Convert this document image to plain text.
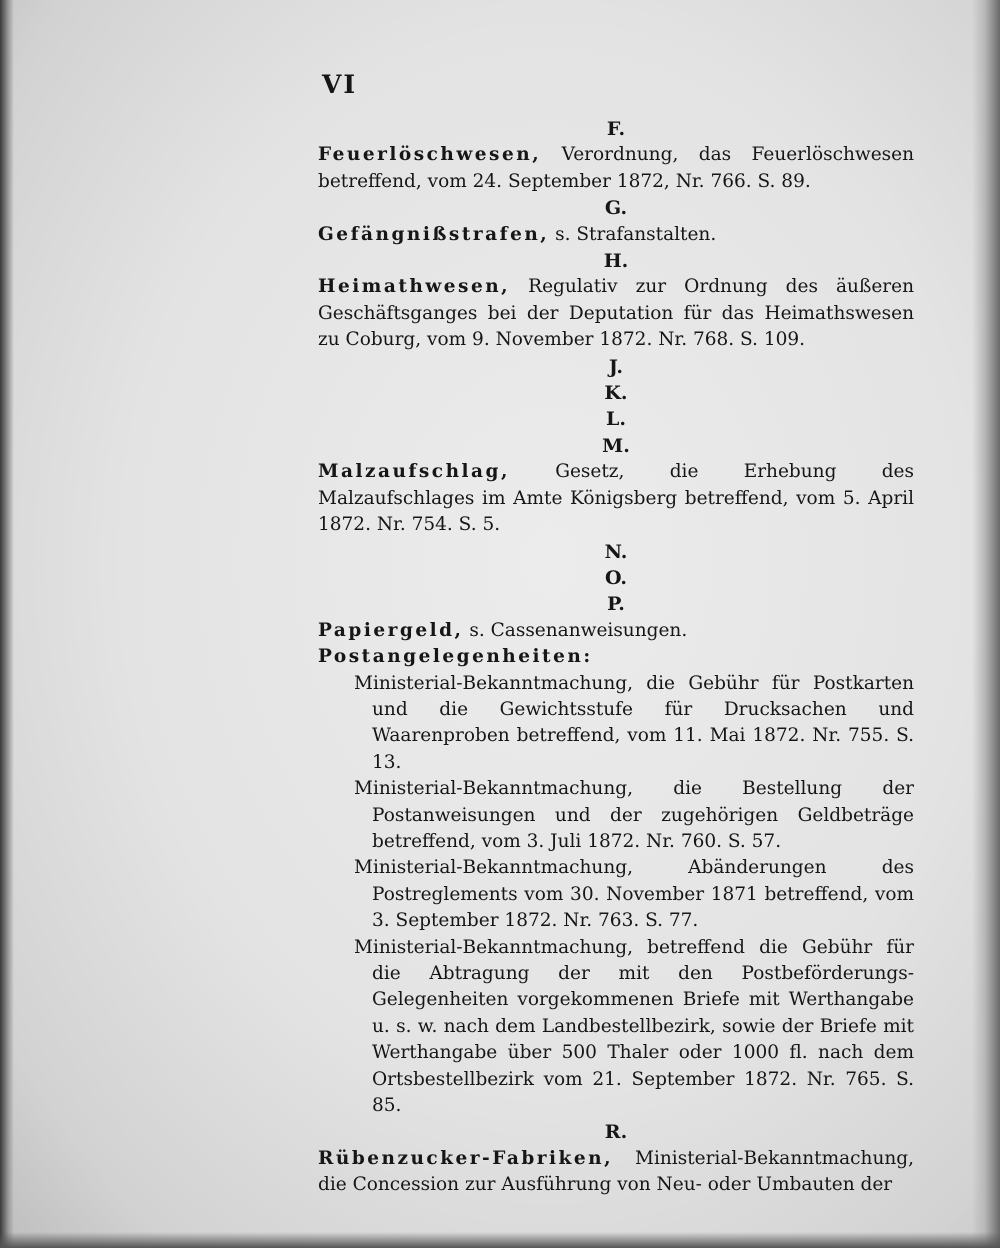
VI
F.

Feuerlöschwesen, Verordnung, das Feuerlöschwesen betreffend, vom 24. September 1872, Nr. 766. S. 89.

G.

Gefängnißstrafen, s. Strafanstalten.

H.

Heimathwesen, Regulativ zur Ordnung des äußeren Geschäftsganges bei der Deputation für das Heimathswesen zu Coburg, vom 9. November 1872. Nr. 768. S. 109.

J.
K.
L.
M.

Malzaufschlag, Gesetz, die Erhebung des Malzaufschlages im Amte Königsberg betreffend, vom 5. April 1872. Nr. 754. S. 5.

N.
O.
P.

Papiergeld, s. Cassenanweisungen.

Postangelegenheiten:

Ministerial-Bekanntmachung, die Gebühr für Postkarten und die Gewichtsstufe für Drucksachen und Waarenproben betreffend, vom 11. Mai 1872. Nr. 755. S. 13.

Ministerial-Bekanntmachung, die Bestellung der Postanweisungen und der zugehörigen Geldbeträge betreffend, vom 3. Juli 1872. Nr. 760. S. 57.

Ministerial-Bekanntmachung, Abänderungen des Postreglements vom 30. November 1871 betreffend, vom 3. September 1872. Nr. 763. S. 77.

Ministerial-Bekanntmachung, betreffend die Gebühr für die Abtragung der mit den Postbeförderungs-Gelegenheiten vorgekommenen Briefe mit Werthangabe u. s. w. nach dem Landbestellbezirk, sowie der Briefe mit Werthangabe über 500 Thaler oder 1000 fl. nach dem Ortsbestellbezirk vom 21. September 1872. Nr. 765. S. 85.

R.

Rübenzucker-Fabriken, Ministerial-Bekanntmachung, die Concession zur Ausführung von Neu- oder Umbauten der
